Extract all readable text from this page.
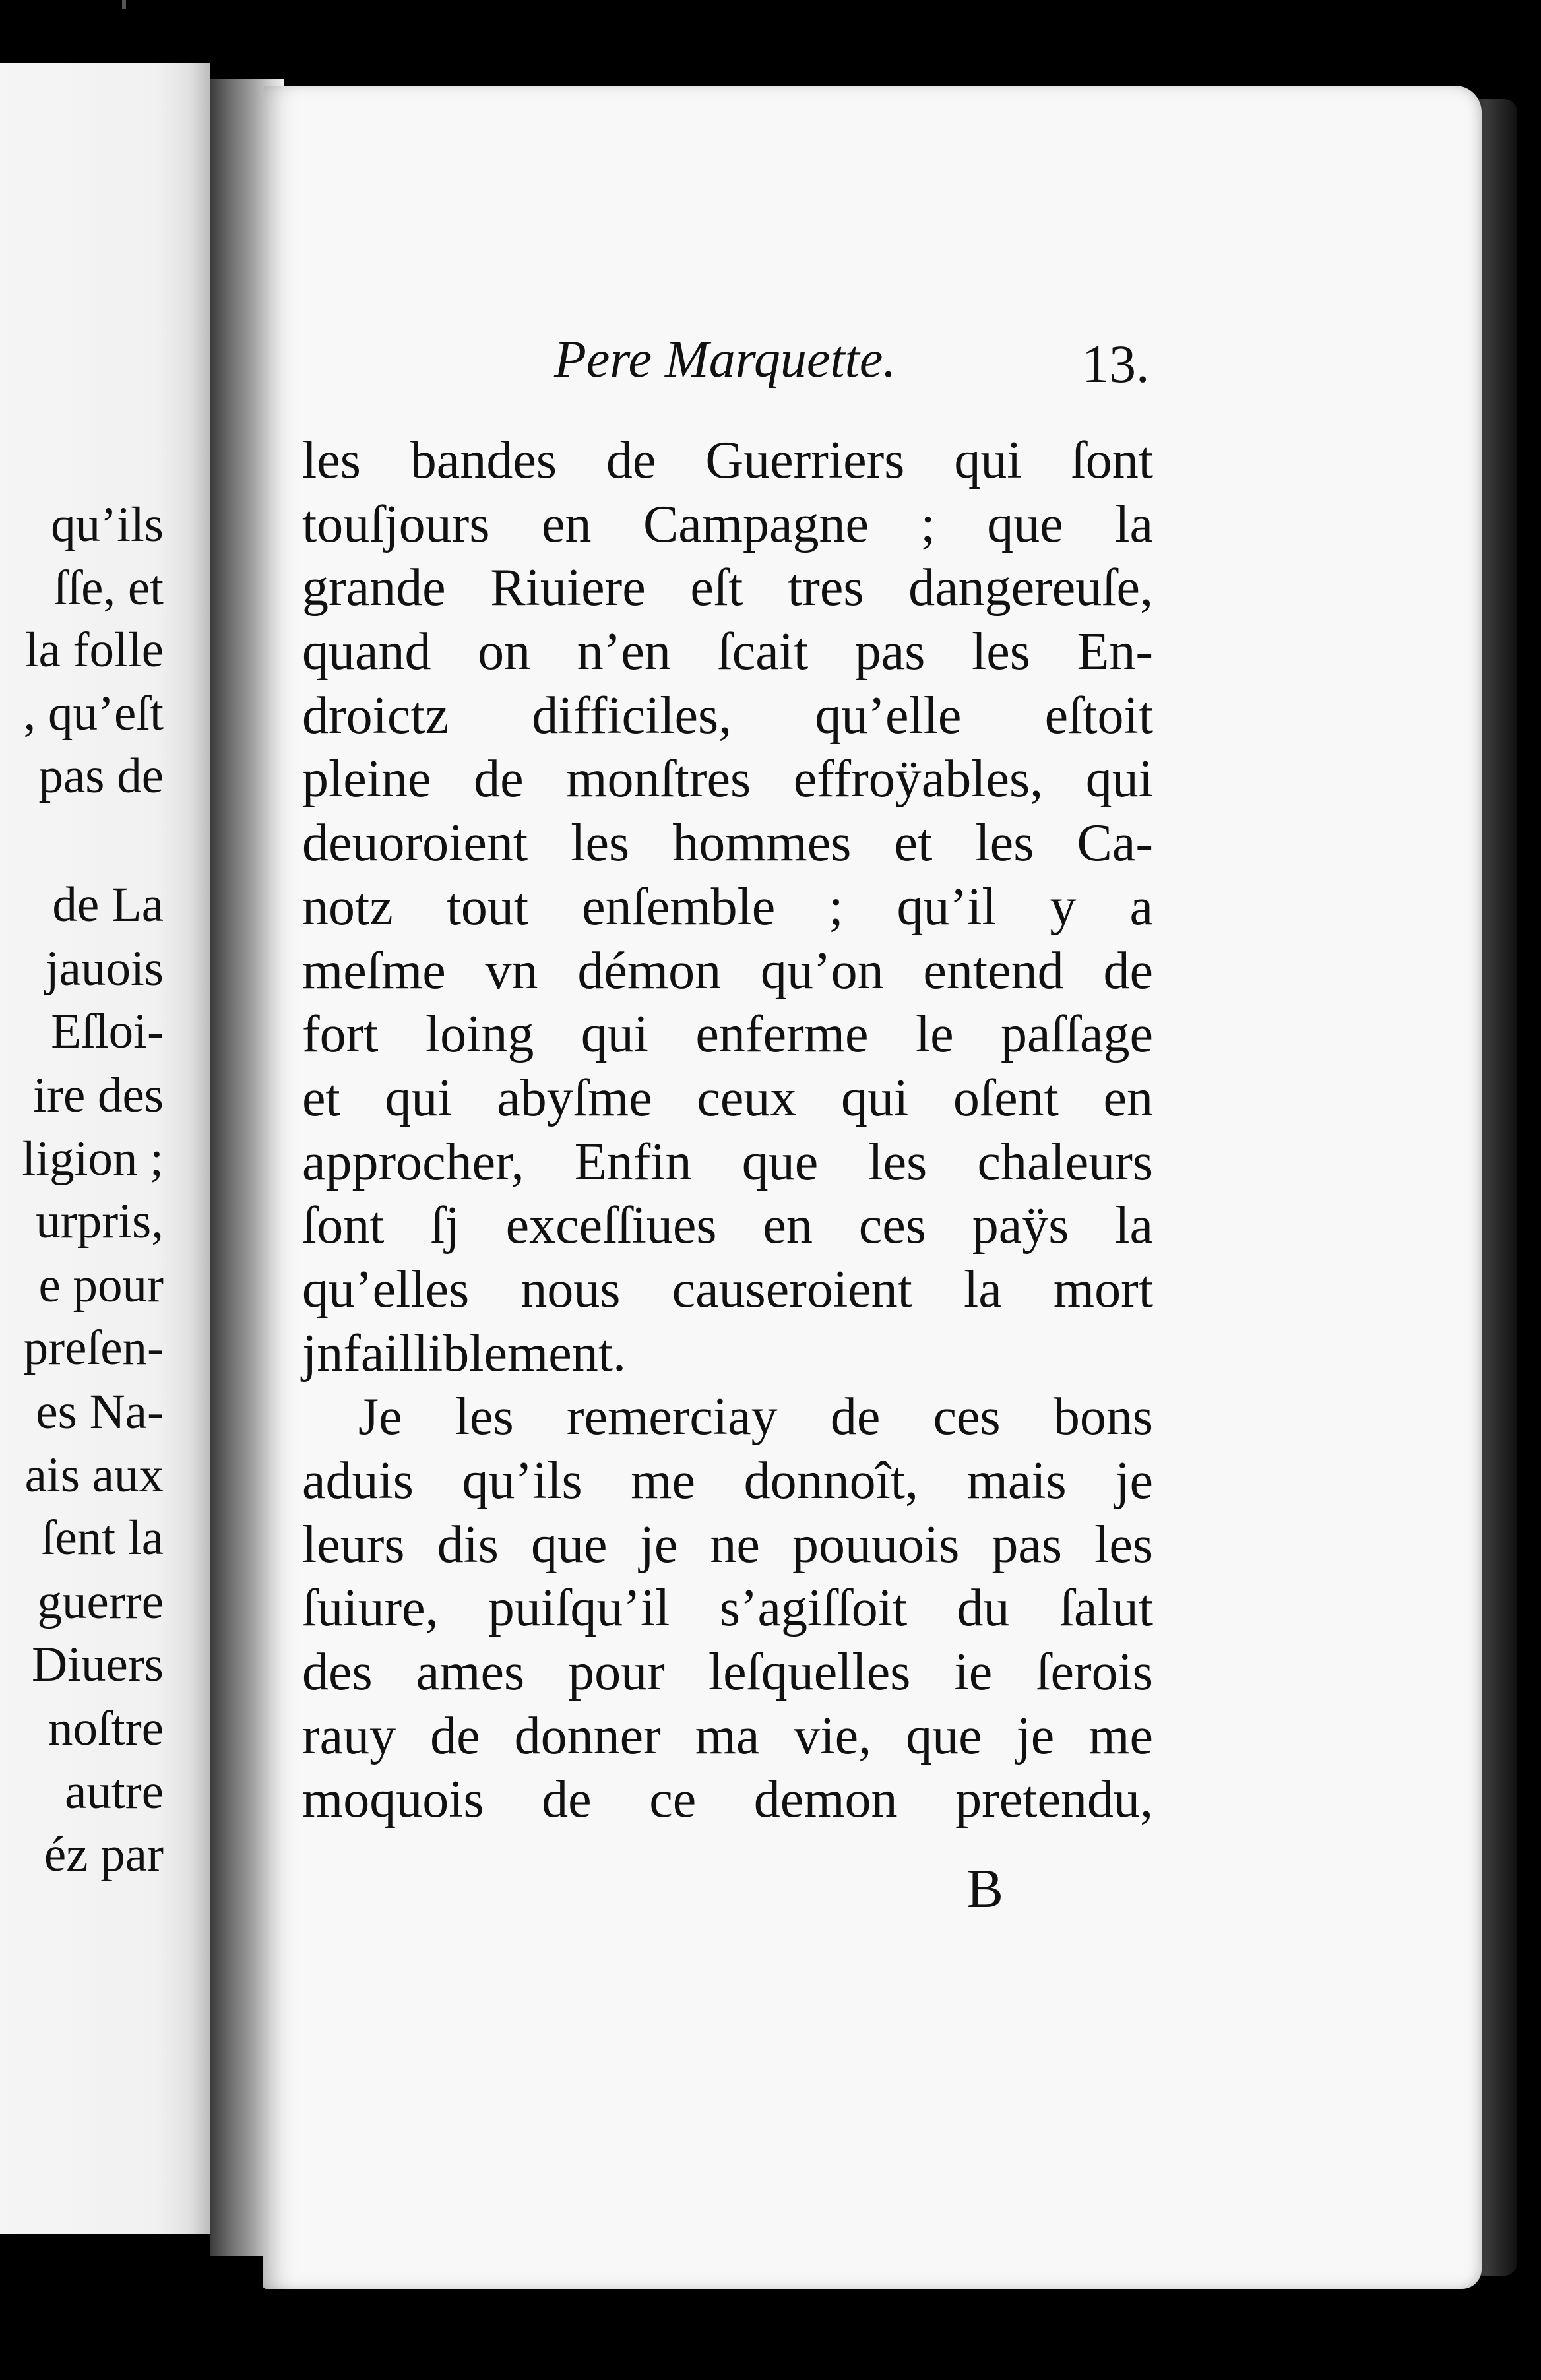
qu’ils
ſſe, et
la folle
, qu’eſt
pas de
de La
jauois
Eſloi-
ire des
ligion ;
urpris,
e pour
preſen-
es Na-
ais aux
ſent la
guerre
Diuers
noſtre
autre
éz par
Pere Marquette.	13.
les bandes de Guerriers qui ſont
touſjours en Campagne ; que la
grande Riuiere eſt tres dangereuſe,
quand on n’en ſcait pas les En-
droictz difficiles, qu’elle eſtoit
pleine de monſtres effroÿables, qui
deuoroient les hommes et les Ca-
notz tout enſemble ; qu’il y a
meſme vn démon qu’on entend de
fort loing qui enferme le paſſage
et qui abyſme ceux qui oſent en
approcher, Enfin que les chaleurs
ſont ſj exceſſiues en ces paÿs la
qu’elles nous causeroient la mort
jnfailliblement.
Je les remerciay de ces bons
aduis qu’ils me donnoît, mais je
leurs dis que je ne pouuois pas les
ſuiure, puiſqu’il s’agiſſoit du ſalut
des ames pour leſquelles ie ſerois
rauy de donner ma vie, que je me
moquois de ce demon pretendu,
B
